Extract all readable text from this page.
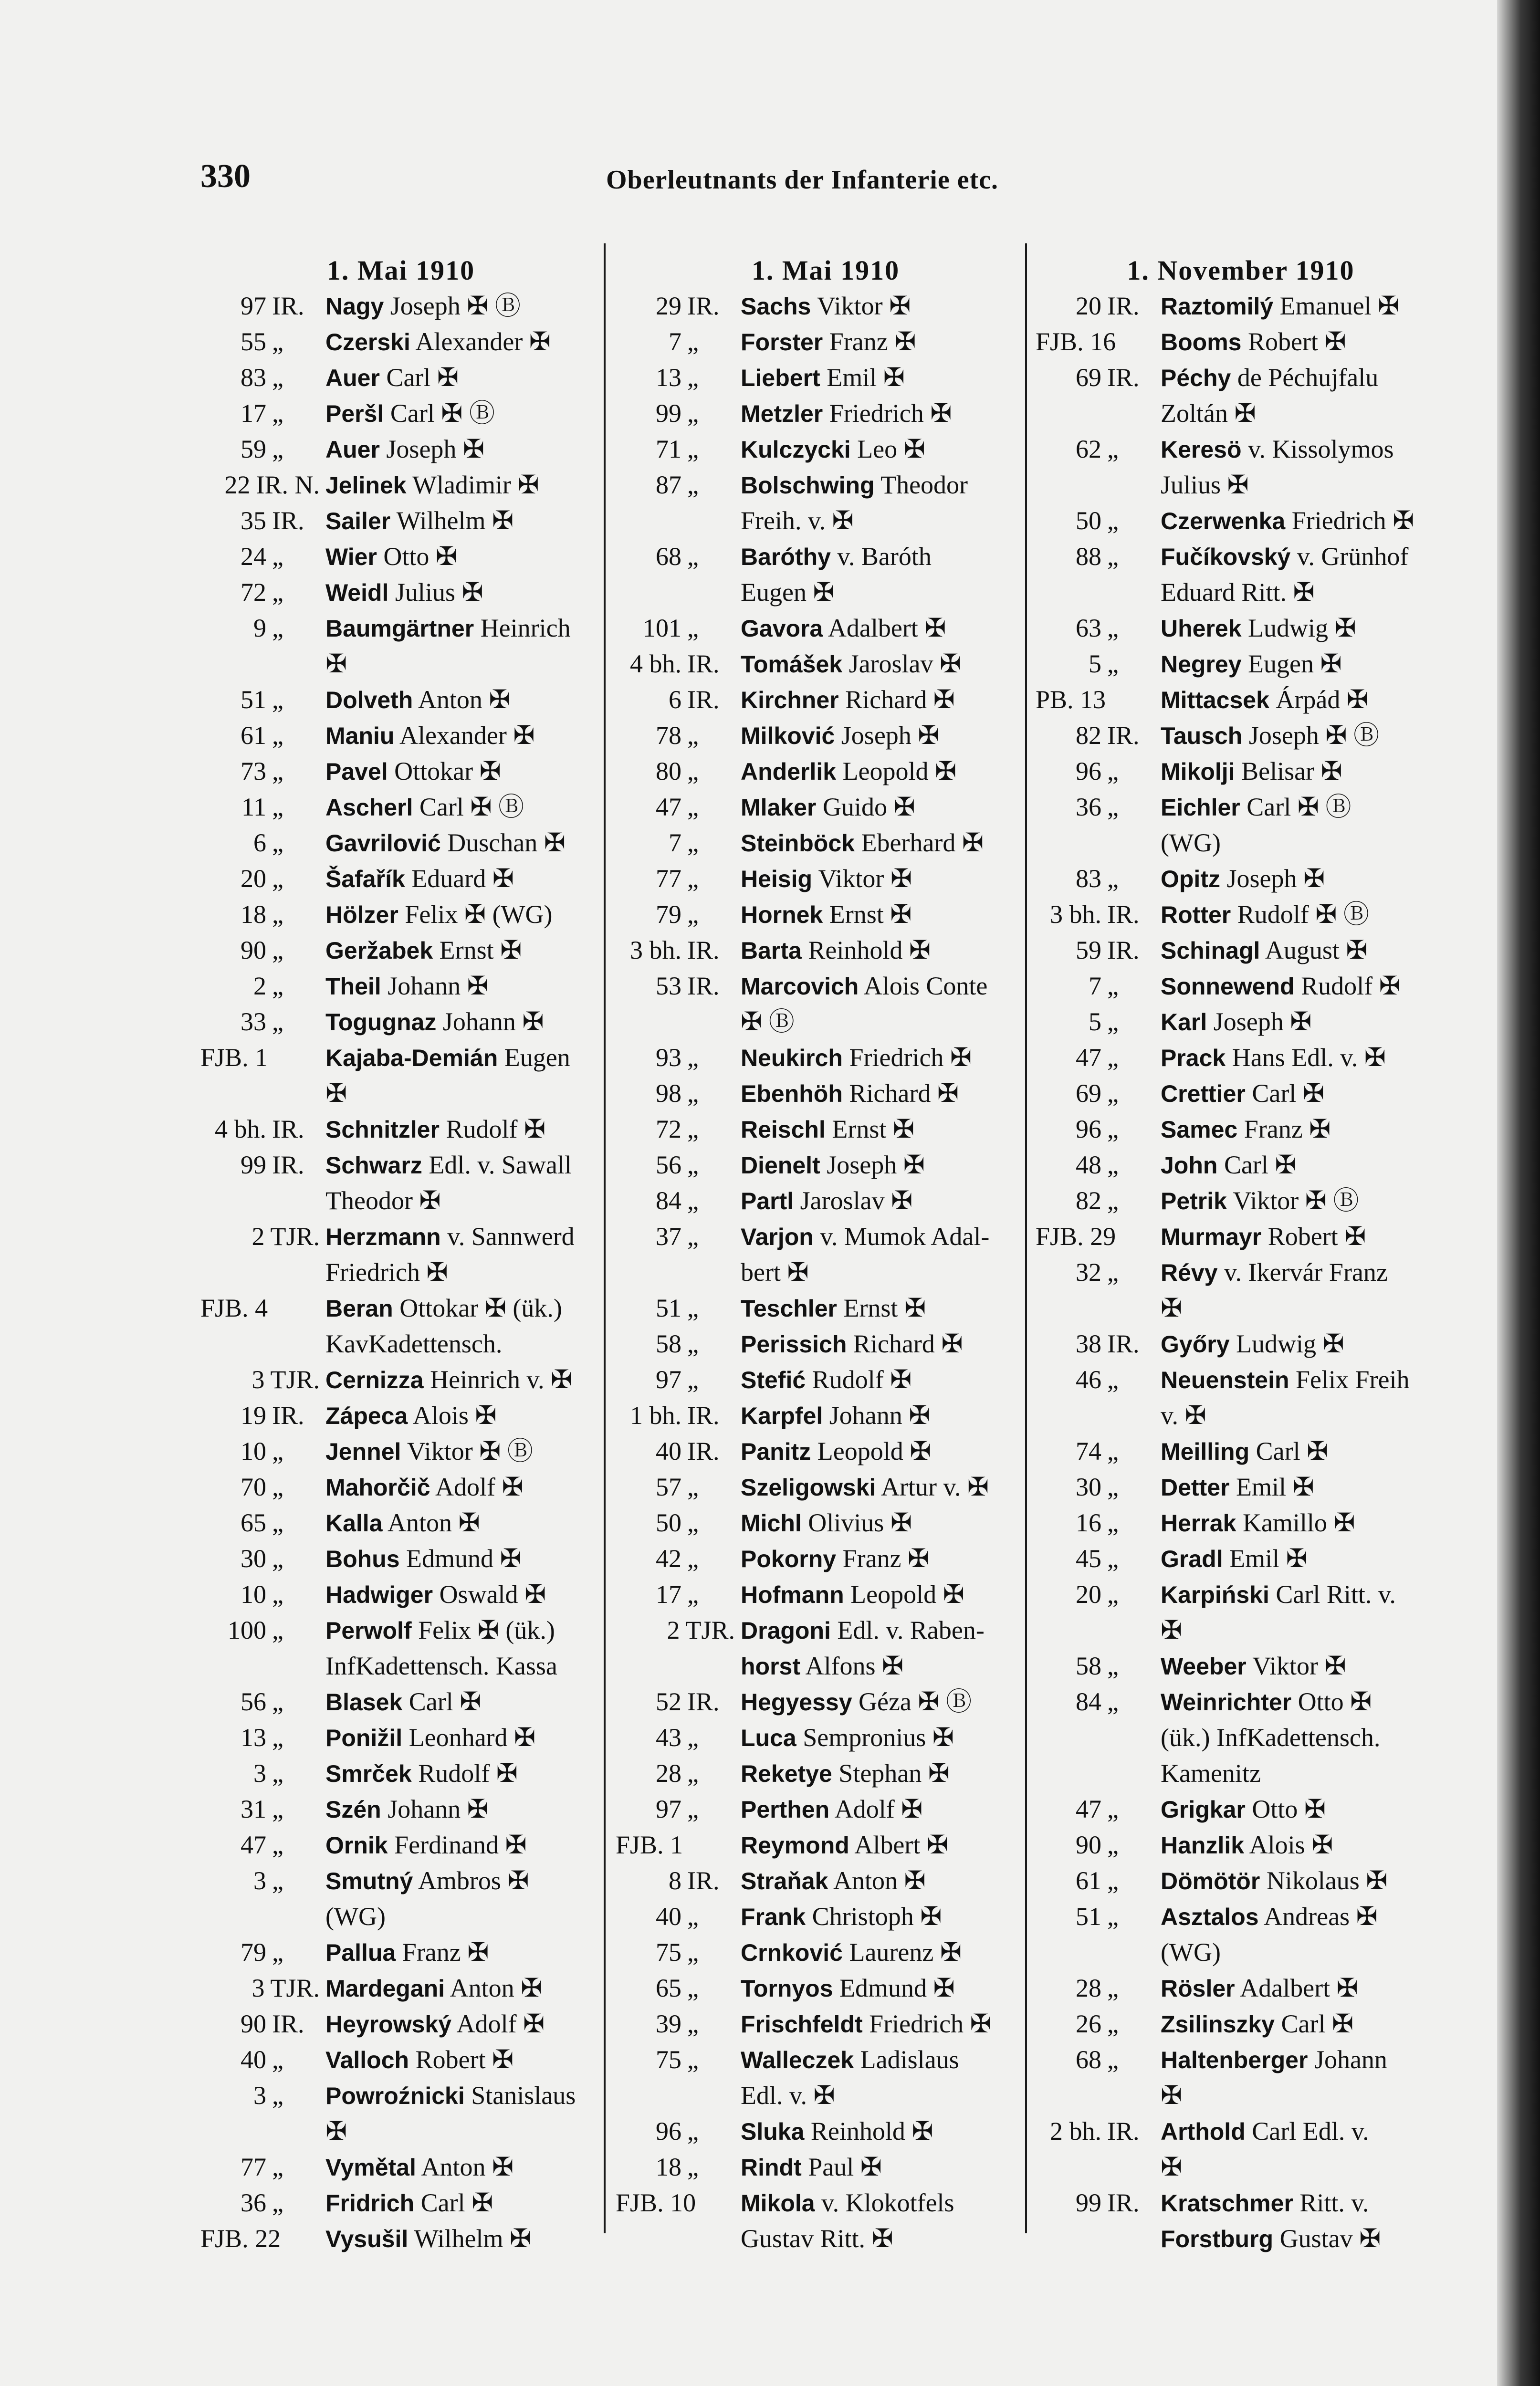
330	Oberleutnants der Infanterie etc.
1. Mai 1910
97 IR. Nagy Joseph ✠ Ⓑ
55 „	Czerski Alexander ✠
83 „	Auer Carl ✠
17 „	Peršl Carl ✠ Ⓑ
59 „	Auer Joseph ✠
22 IR. N. Jelinek Wladimir ✠
35 IR. Sailer Wilhelm ✠
24 „	Wier Otto ✠
72 „	Weidl Julius ✠
9 „	Baumgärtner Heinrich
✠
51 „	Dolveth Anton ✠
61 „	Maniu Alexander ✠
73 „	Pavel Ottokar ✠
11 „	Ascherl Carl ✠ Ⓑ
6 „	Gavrilović Duschan ✠
20 „	Šafařík Eduard ✠
18 „	Hölzer Felix ✠ (WG)
90 „	Geržabek Ernst ✠
2 „	Theil Johann ✠
33 „	Togugnaz Johann ✠
FJB. 1	Kajaba-Demián Eugen
✠
4 bh. IR. Schnitzler Rudolf ✠
99 IR. Schwarz Edl. v. Sawall
Theodor ✠
2 TJR. Herzmann v. Sannwerd
Friedrich ✠
FJB. 4	Beran Ottokar ✠ (ük.)
KavKadettensch.
3 TJR. Cernizza Heinrich v. ✠
19 IR. Zápeca Alois ✠
10 „	Jennel Viktor ✠ Ⓑ
70 „	Mahorčič Adolf ✠
65 „	Kalla Anton ✠
30 „	Bohus Edmund ✠
10 „	Hadwiger Oswald ✠
100 „	Perwolf Felix ✠ (ük.)
InfKadettensch. Kassa
56 „	Blasek Carl ✠
13 „	Ponižil Leonhard ✠
3 „	Smrček Rudolf ✠
31 „	Szén Johann ✠
47 „	Ornik Ferdinand ✠
3 „	Smutný Ambros ✠
(WG)
79 „	Pallua Franz ✠
3 TJR. Mardegani Anton ✠
90 IR. Heyrowský Adolf ✠
40 „	Valloch Robert ✠
3 „	Powroźnicki Stanislaus
✠
77 „	Vymětal Anton ✠
36 „	Fridrich Carl ✠
FJB. 22	Vysušil Wilhelm ✠
1. Mai 1910
29 IR. Sachs Viktor ✠
7 „	Forster Franz ✠
13 „	Liebert Emil ✠
99 „	Metzler Friedrich ✠
71 „	Kulczycki Leo ✠
87 „	Bolschwing Theodor
Freih. v. ✠
68 „	Baróthy v. Baróth
Eugen ✠
101 „	Gavora Adalbert ✠
4 bh. IR. Tomášek Jaroslav ✠
6 IR. Kirchner Richard ✠
78 „	Milković Joseph ✠
80 „	Anderlik Leopold ✠
47 „	Mlaker Guido ✠
7 „	Steinböck Eberhard ✠
77 „	Heisig Viktor ✠
79 „	Hornek Ernst ✠
3 bh. IR. Barta Reinhold ✠
53 IR. Marcovich Alois Conte
✠ Ⓑ
93 „	Neukirch Friedrich ✠
98 „	Ebenhöh Richard ✠
72 „	Reischl Ernst ✠
56 „	Dienelt Joseph ✠
84 „	Partl Jaroslav ✠
37 „	Varjon v. Mumok Adal-
bert ✠
51 „	Teschler Ernst ✠
58 „	Perissich Richard ✠
97 „	Stefić Rudolf ✠
1 bh. IR. Karpfel Johann ✠
40 IR. Panitz Leopold ✠
57 „	Szeligowski Artur v. ✠
50 „	Michl Olivius ✠
42 „	Pokorny Franz ✠
17 „	Hofmann Leopold ✠
2 TJR. Dragoni Edl. v. Raben-
horst Alfons ✠
52 IR. Hegyessy Géza ✠ Ⓑ
43 „	Luca Sempronius ✠
28 „	Reketye Stephan ✠
97 „	Perthen Adolf ✠
FJB. 1	Reymond Albert ✠
8 IR. Straňak Anton ✠
40 „	Frank Christoph ✠
75 „	Crnković Laurenz ✠
65 „	Tornyos Edmund ✠
39 „	Frischfeldt Friedrich ✠
75 „	Walleczek Ladislaus
Edl. v. ✠
96 „	Sluka Reinhold ✠
18 „	Rindt Paul ✠
FJB. 10	Mikola v. Klokotfels
Gustav Ritt. ✠
1. November 1910
20 IR. Raztomilý Emanuel ✠
FJB. 16	Booms Robert ✠
69 IR. Péchy de Péchujfalu
Zoltán ✠
62 „	Keresö v. Kissolymos
Julius ✠
50 „	Czerwenka Friedrich ✠
88 „	Fučíkovský v. Grünhof
Eduard Ritt. ✠
63 „	Uherek Ludwig ✠
5 „	Negrey Eugen ✠
PB. 13	Mittacsek Árpád ✠
82 IR. Tausch Joseph ✠ Ⓑ
96 „	Mikolji Belisar ✠
36 „	Eichler Carl ✠ Ⓑ
(WG)
83 „	Opitz Joseph ✠
3 bh. IR. Rotter Rudolf ✠ Ⓑ
59 IR. Schinagl August ✠
7 „	Sonnewend Rudolf ✠
5 „	Karl Joseph ✠
47 „	Prack Hans Edl. v. ✠
69 „	Crettier Carl ✠
96 „	Samec Franz ✠
48 „	John Carl ✠
82 „	Petrik Viktor ✠ Ⓑ
FJB. 29	Murmayr Robert ✠
32 „	Révy v. Ikervár Franz
✠
38 IR. Győry Ludwig ✠
46 „	Neuenstein Felix Freih
v. ✠
74 „	Meilling Carl ✠
30 „	Detter Emil ✠
16 „	Herrak Kamillo ✠
45 „	Gradl Emil ✠
20 „	Karpiński Carl Ritt. v.
✠
58 „	Weeber Viktor ✠
84 „	Weinrichter Otto ✠
(ük.) InfKadettensch.
Kamenitz
47 „	Grigkar Otto ✠
90 „	Hanzlik Alois ✠
61 „	Dömötör Nikolaus ✠
51 „	Asztalos Andreas ✠
(WG)
28 „	Rösler Adalbert ✠
26 „	Zsilinszky Carl ✠
68 „	Haltenberger Johann
✠
2 bh. IR. Arthold Carl Edl. v.
✠
99 IR. Kratschmer Ritt. v.
Forstburg Gustav ✠
